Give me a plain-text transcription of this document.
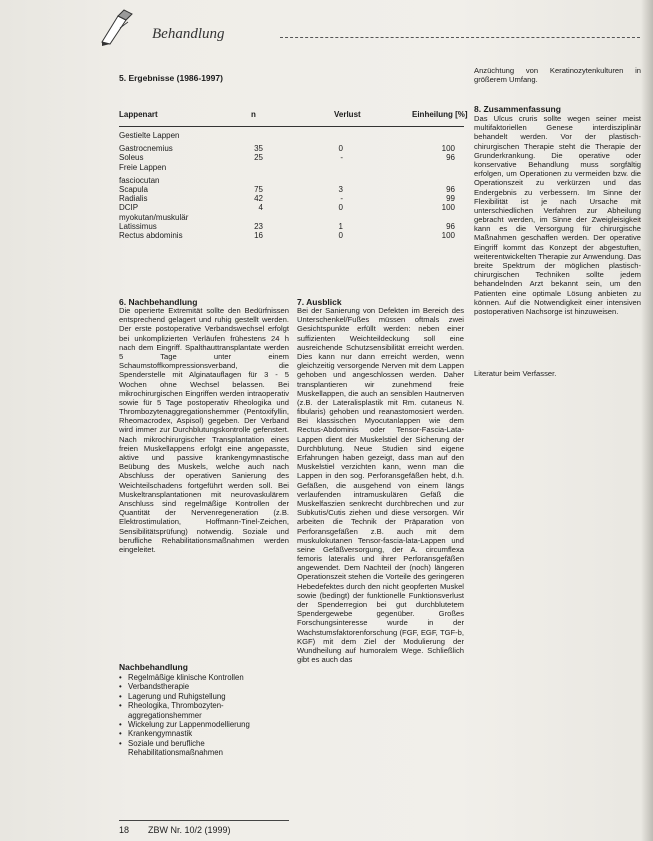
Behandlung
5. Ergebnisse (1986-1997)
Lappenart	n	Verlust	Einheilung [%]
Gestielte Lappen
Gastrocnemius	35	0	100
Soleus	25	-	96
Freie Lappen
fasciocutan
Scapula	75	3	96
Radialis	42	-	99
DCIP	4	0	100
myokutan/muskulär
Latissimus	23	1	96
Rectus abdominis	16	0	100
Anzüchtung von Keratinozytenkulturen in größerem Umfang.
8. Zusammenfassung
Das Ulcus cruris sollte wegen seiner meist multifaktoriellen Genese interdisziplinär behandelt werden. Vor der plastisch-chirurgischen Therapie steht die Therapie der Grunderkrankung. Die operative oder konservative Behandlung muss sorgfältig erfolgen, um Operationen zu vermeiden bzw. die Operationszeit zu verkürzen und das Endergebnis zu verbessern. Im Sinne der Flexibilität ist je nach Ursache mit unterschiedlichen Verfahren zur Abheilung gebracht werden, im Sinne der Zweigleisigkeit kann es die Versorgung für chirurgische Maßnahmen geschaffen werden. Der operative Eingriff kommt das Konzept der abgestuften, weiterentwickelten Therapie zur Anwendung. Das breite Spektrum der möglichen plastisch-chirurgischen Techniken sollte jedem behandelnden Arzt bekannt sein, um den Patienten eine optimale Lösung anbieten zu können. Auf die Notwendigkeit einer intensiven postoperativen Nachsorge ist hinzuweisen.
Literatur beim Verfasser.
6. Nachbehandlung
Die operierte Extremität sollte den Bedürfnissen entsprechend gelagert und ruhig gestellt werden. Der erste postoperative Verbandswechsel erfolgt bei unkomplizierten Verläufen frühestens 24 h nach dem Eingriff. Spalthauttransplantate werden 5 Tage unter einem Schaumstoffkompressionsverband, die Spenderstelle mit Alginatauflagen für 3 - 5 Wochen ohne Wechsel belassen. Bei mikrochirurgischen Eingriffen werden intraoperativ sowie für 5 Tage postoperativ Rheologika und Thrombozytenaggregationshemmer (Pentoxifyllin, Rheomacrodex, Aspisol) gegeben. Der Verband wird immer zur Durchblutungskontrolle gefenstert. Nach mikrochirurgischer Transplantation eines freien Muskellappens erfolgt eine angepasste, aktive und passive krankengymnastische Beübung des Muskels, welche auch nach Abschluss der operativen Sanierung des Weichteilschadens fortgeführt werden soll. Bei Muskeltransplantationen mit neurovaskulärem Anschluss sind regelmäßige Kontrollen der Quantität der Nervenregeneration (z.B. Elektrostimulation, Hoffmann-Tinel-Zeichen, Sensibilitätsprüfung) notwendig. Soziale und berufliche Rehabilitationsmaßnahmen werden eingeleitet.
Nachbehandlung
• Regelmäßige klinische Kontrollen
• Verbandstherapie
• Lagerung und Ruhigstellung
• Rheologika, Thrombozyten-aggregationshemmer
• Wickelung zur Lappenmodellierung
• Krankengymnastik
• Soziale und berufliche Rehabilitationsmaßnahmen
7. Ausblick
Bei der Sanierung von Defekten im Bereich des Unterschenkel/Fußes müssen oftmals zwei Gesichtspunkte erfüllt werden: neben einer suffizienten Weichteildeckung soll eine ausreichende Schutzsensibilität erreicht werden. Dies kann nur dann erreicht werden, wenn gleichzeitig versorgende Nerven mit dem Lappen gehoben und angeschlossen werden. Daher transplantieren wir zunehmend freie Muskellappen, die auch an sensiblen Hautnerven (z.B. der Lateralisplastik mit Rm. cutaneus N. fibularis) gehoben und reanastomosiert werden. Bei klassischen Myocutanlappen wie dem Rectus-Abdominis oder Tensor-Fascia-Lata-Lappen dient der Muskelstiel der Sicherung der Durchblutung. Neue Studien sind eigene Erfahrungen haben gezeigt, dass man auf den Muskelstiel verzichten kann, wenn man die Lappen in den sog. Perforansgefäßen hebt, d.h. Gefäßen, die ausgehend von einem längs verlaufenden intramuskulären Gefäß die Muskelfaszien senkrecht durchbrechen und zur Subkutis/Cutis ziehen und diese versorgen. Wir arbeiten die Technik der Präparation von Perforansgefäßen z.B. auch mit dem muskulokutanen Tensor-fascia-lata-Lappen und seine Gefäßversorgung, der A. circumflexa femoris lateralis und ihrer Perforansgefäßen angewendet. Dem Nachteil der (noch) längeren Operationszeit stehen die Vorteile des geringeren Hebedefektes durch den nicht geopferten Muskel sowie (bedingt) der funktionelle Funktionsverlust der Spenderregion bei gut durchblutetem Spendergewebe gegenüber. Großes Forschungsinteresse wurde in der Wachstumsfaktorenforschung (FGF, EGF, TGF-b, KGF) mit dem Ziel der Modulierung der Wundheilung auf humoralem Wege. Schließlich gibt es auch das
18 ZBW Nr. 10/2 (1999)
